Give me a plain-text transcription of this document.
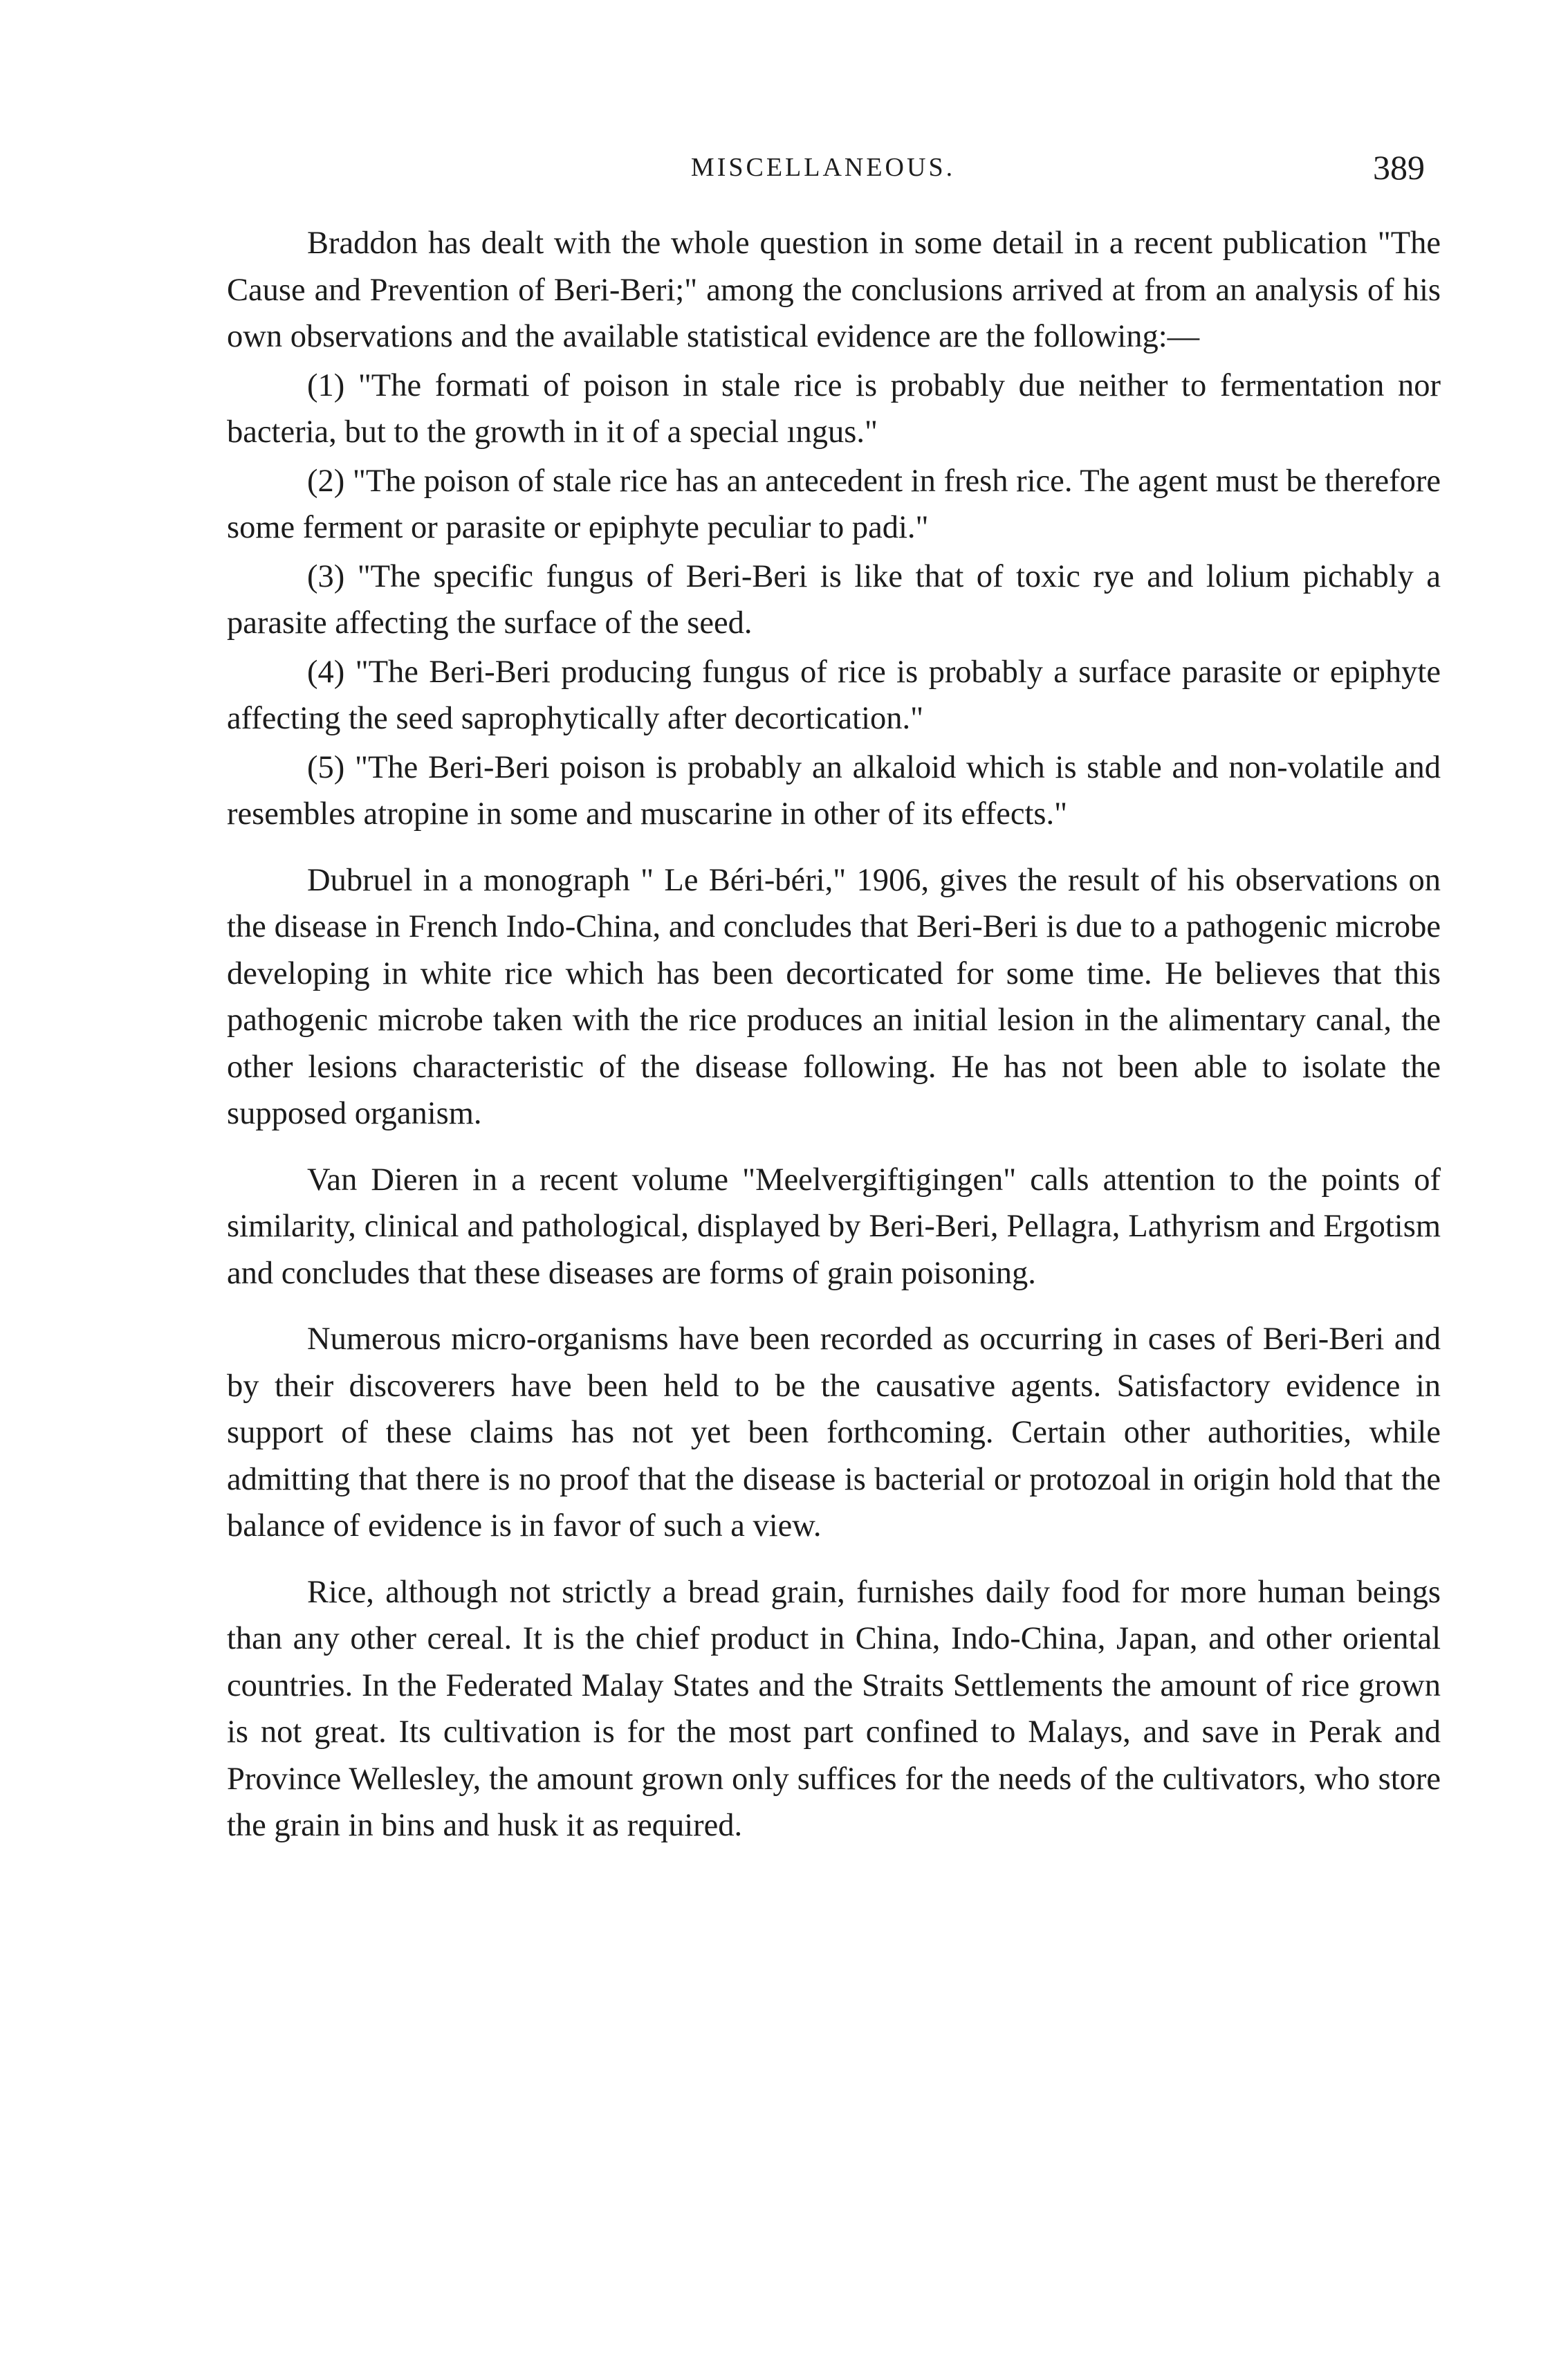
MISCELLANEOUS.	389

Braddon has dealt with the whole question in some detail in a recent publication "The Cause and Prevention of Beri-Beri;" among the conclusions arrived at from an analysis of his own observations and the available statistical evidence are the following:—

(1) "The formati of poison in stale rice is probably due neither to fermentation nor bacteria, but to the growth in it of a special ıngus."

(2) "The poison of stale rice has an antecedent in fresh rice. The agent must be therefore some ferment or parasite or epiphyte peculiar to padi."

(3) "The specific fungus of Beri-Beri is like that of toxic rye and lolium pichably a parasite affecting the surface of the seed.

(4) "The Beri-Beri producing fungus of rice is probably a surface parasite or epiphyte affecting the seed saprophytically after decortication."

(5) "The Beri-Beri poison is probably an alkaloid which is stable and non-volatile and resembles atropine in some and muscarine in other of its effects."

Dubruel in a monograph " Le Béri-béri," 1906, gives the result of his observations on the disease in French Indo-China, and concludes that Beri-Beri is due to a pathogenic microbe developing in white rice which has been decorticated for some time. He believes that this pathogenic microbe taken with the rice produces an initial lesion in the alimentary canal, the other lesions characteristic of the disease following. He has not been able to isolate the supposed organism.

Van Dieren in a recent volume "Meelvergiftigingen" calls attention to the points of similarity, clinical and pathological, displayed by Beri-Beri, Pellagra, Lathyrism and Ergotism and concludes that these diseases are forms of grain poisoning.

Numerous micro-organisms have been recorded as occurring in cases of Beri-Beri and by their discoverers have been held to be the causative agents. Satisfactory evidence in support of these claims has not yet been forthcoming. Certain other authorities, while admitting that there is no proof that the disease is bacterial or protozoal in origin hold that the balance of evidence is in favor of such a view.

Rice, although not strictly a bread grain, furnishes daily food for more human beings than any other cereal. It is the chief product in China, Indo-China, Japan, and other oriental countries. In the Federated Malay States and the Straits Settlements the amount of rice grown is not great. Its cultivation is for the most part confined to Malays, and save in Perak and Province Wellesley, the amount grown only suffices for the needs of the cultivators, who store the grain in bins and husk it as required.
